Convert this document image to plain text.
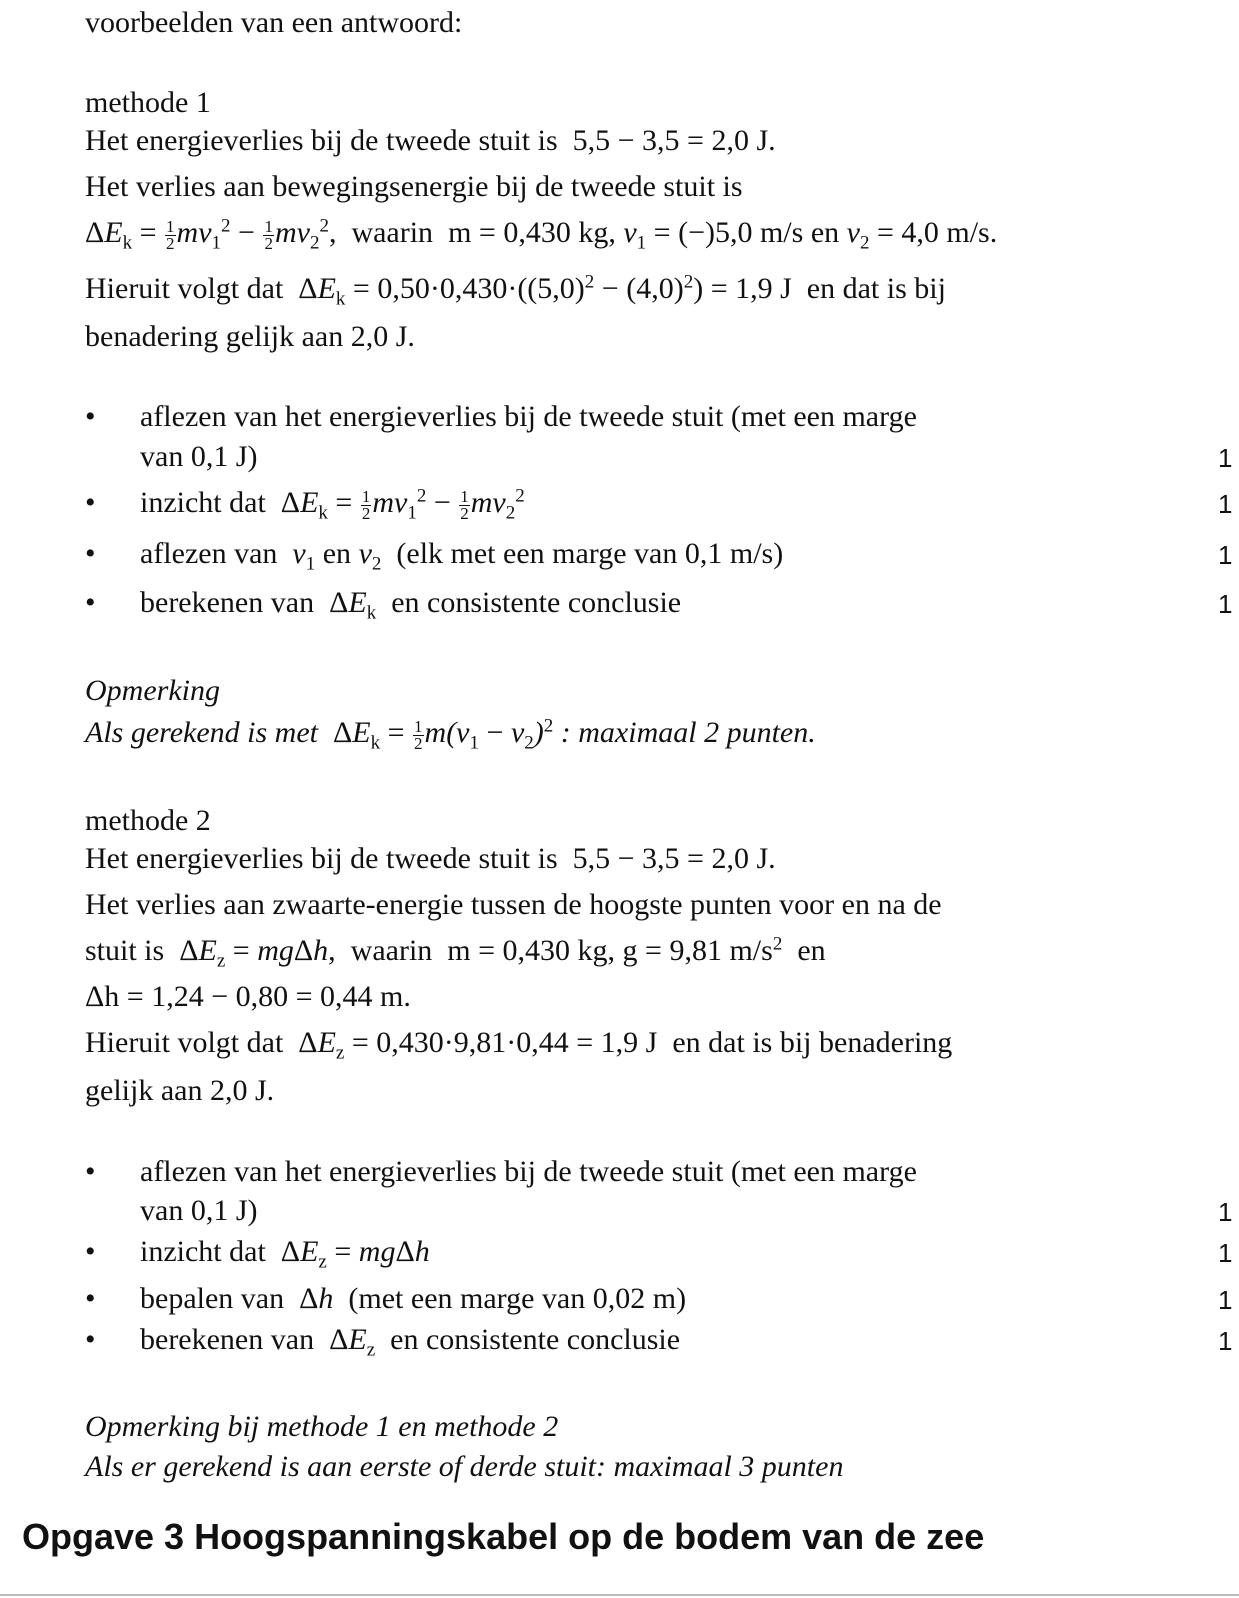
voorbeelden van een antwoord:
methode 1
Het energieverlies bij de tweede stuit is 5,5 − 3,5 = 2,0 J.
Het verlies aan bewegingsenergie bij de tweede stuit is
$\Delta E_k = \frac{1}{2} mv_1^2 - \frac{1}{2} mv_2^2$,  waarin m = 0,430 kg, $v_1 = (-)5,0$ m/s en $v_2 = 4,0$ m/s.
Hieruit volgt dat  $\Delta E_k = 0,50\cdot 0,430\cdot((5,0)^2 - (4,0)^2) = 1,9$ J  en dat is bij
benadering gelijk aan 2,0 J.
• aflezen van het energieverlies bij de tweede stuit (met een marge
van 0,1 J)	1
• inzicht dat  $\Delta E_k = \frac{1}{2} mv_1^2 - \frac{1}{2} mv_2^2$	1
• aflezen van $v_1$ en $v_2$ (elk met een marge van 0,1 m/s)	1
• berekenen van  $\Delta E_k$ en consistente conclusie	1
Opmerking
Als gerekend is met $\Delta E_k = \frac{1}{2} m(v_1 - v_2)^2$ : maximaal 2 punten.
methode 2
Het energieverlies bij de tweede stuit is 5,5 − 3,5 = 2,0 J.
Het verlies aan zwaarte-energie tussen de hoogste punten voor en na de
stuit is  $\Delta E_z = mg\Delta h$,  waarin m = 0,430 kg, g = 9,81 $m/s^2$ en
Δh = 1,24 − 0,80 = 0,44 m.
Hieruit volgt dat  $\Delta E_z = 0,430\cdot 9,81\cdot 0,44 = 1,9$ J en dat is bij benadering
gelijk aan 2,0 J.
• aflezen van het energieverlies bij de tweede stuit (met een marge
van 0,1 J)	1
• inzicht dat  $\Delta E_z = mg\Delta h$	1
• bepalen van  Δh (met een marge van 0,02 m)	1
• berekenen van  $\Delta E_z$ en consistente conclusie	1
Opmerking bij methode 1 en methode 2
Als er gerekend is aan eerste of derde stuit: maximaal 3 punten
Opgave 3 Hoogspanningskabel op de bodem van de zee
